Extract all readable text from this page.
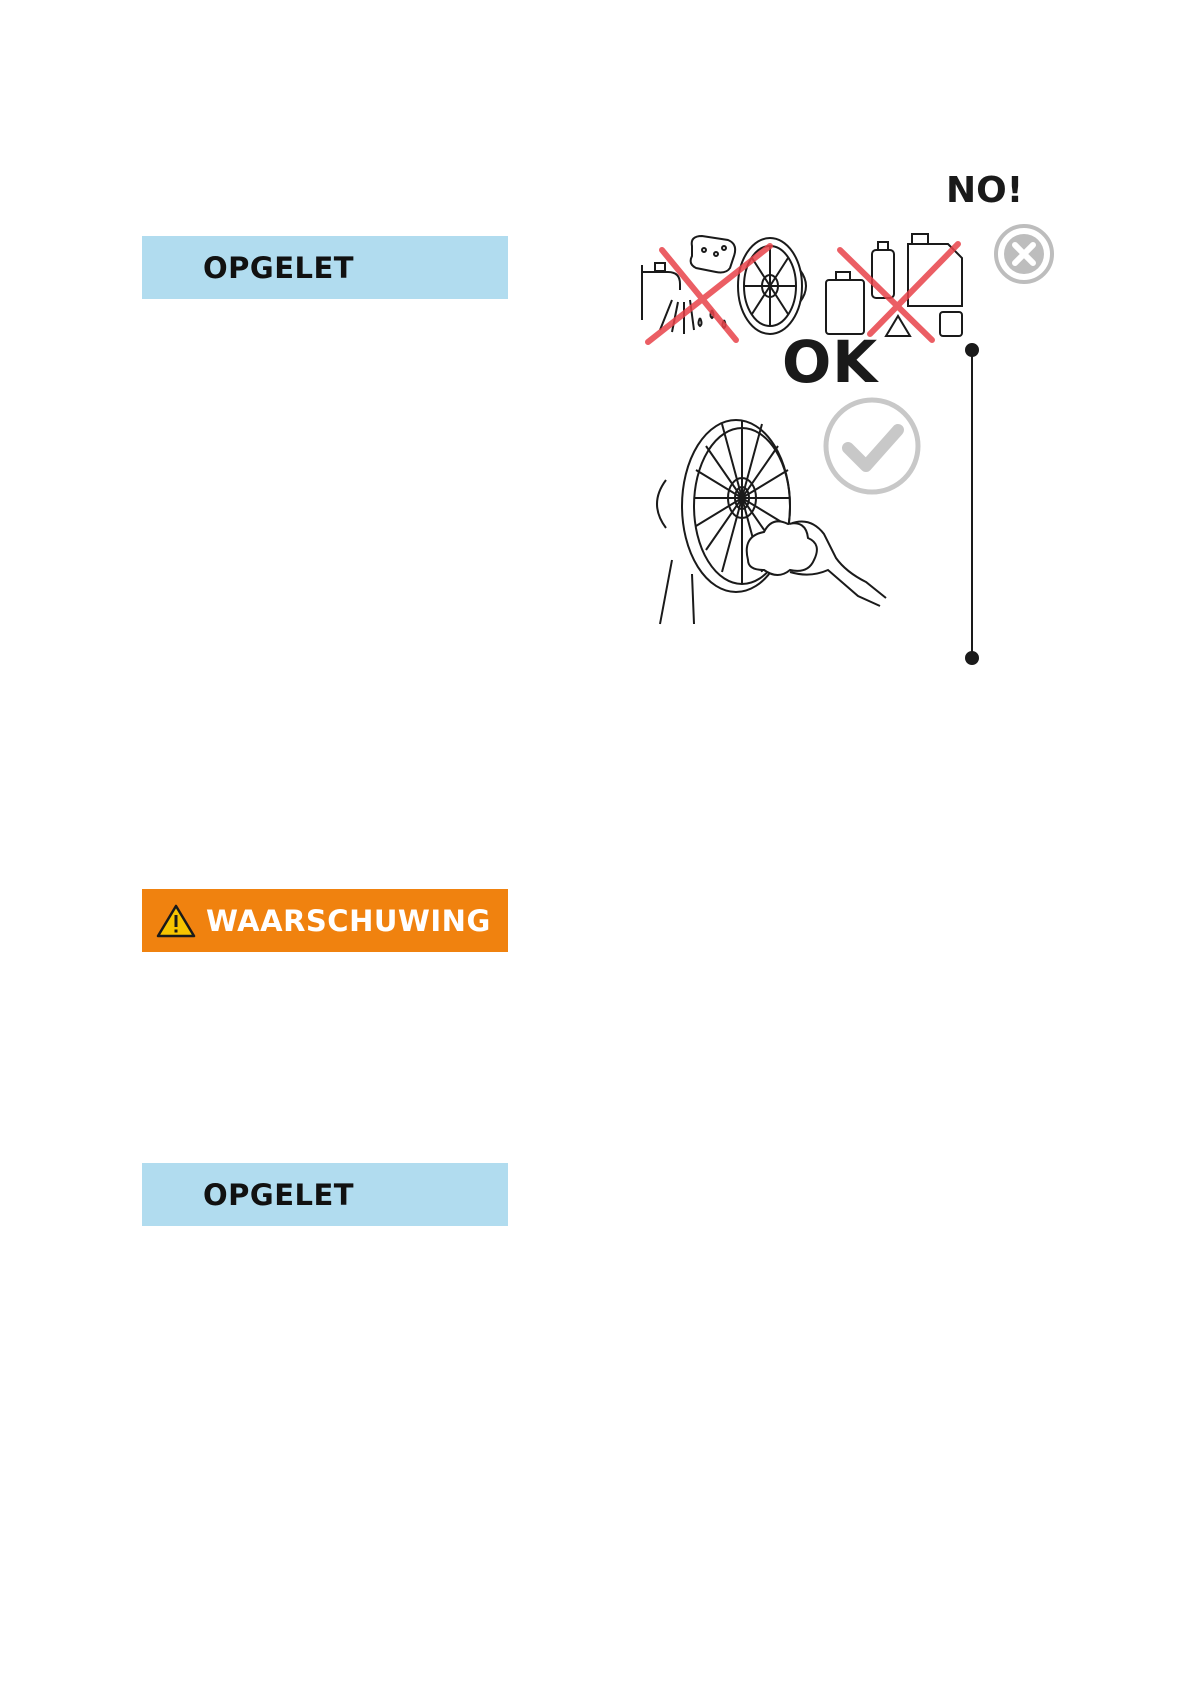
OPGELET
WAARSCHUWING
OPGELET
NO!
OK
